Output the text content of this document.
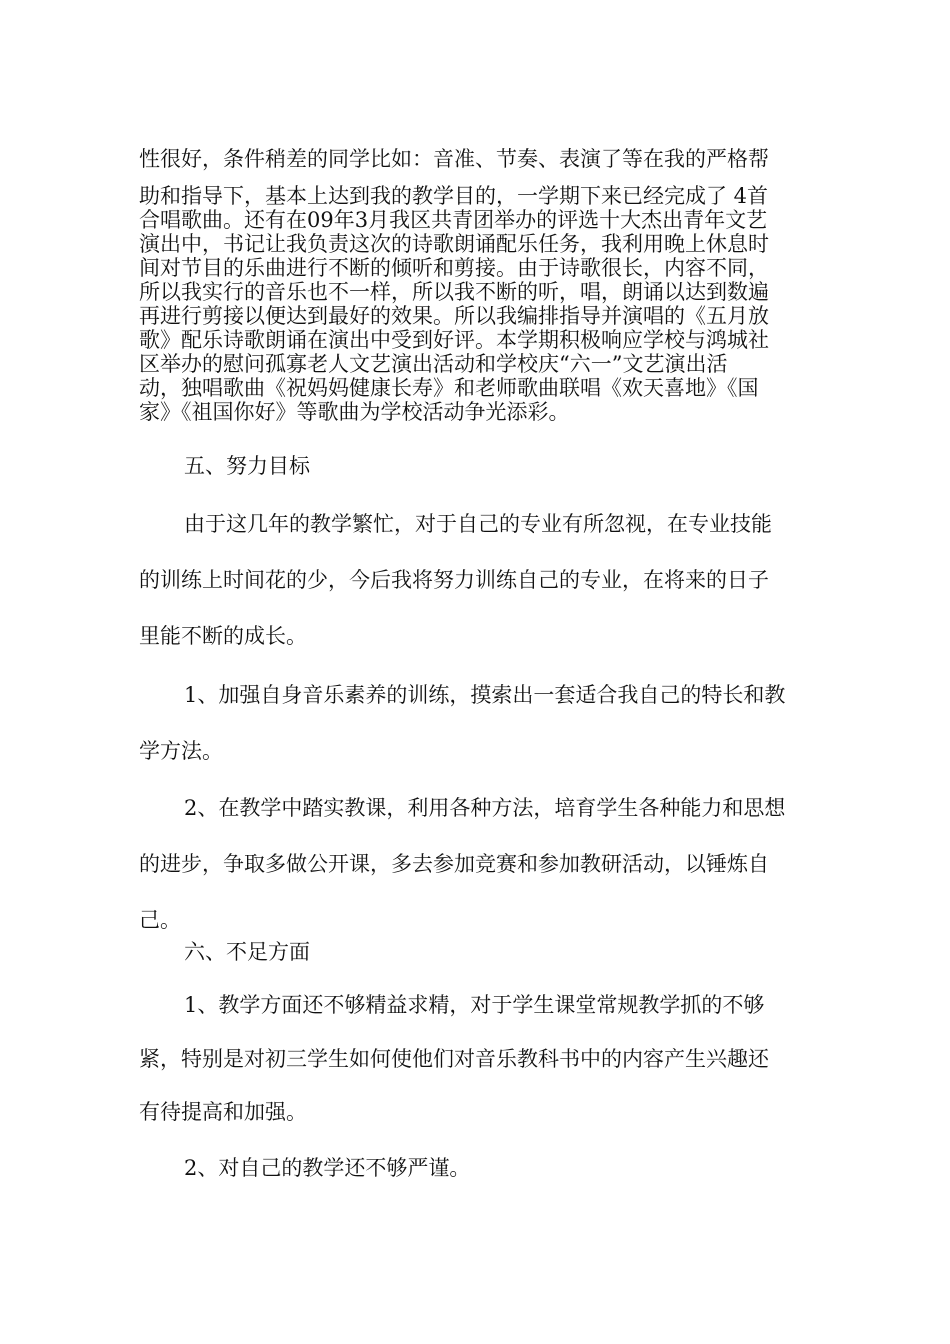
性很好，条件稍差的同学比如：音准、节奏、表演了等在我的严格帮

助和指导下，基本上达到我的教学目的，一学期下来已经完成了 4首

合唱歌曲。还有在09年3月我区共青团举办的评选十大杰出青年文艺

演出中，书记让我负责这次的诗歌朗诵配乐任务，我利用晚上休息时

间对节目的乐曲进行不断的倾听和剪接。由于诗歌很长，内容不同，

所以我实行的音乐也不一样，所以我不断的听，唱，朗诵以达到数遍

再进行剪接以便达到最好的效果。所以我编排指导并演唱的《五月放

歌》配乐诗歌朗诵在演出中受到好评。本学期积极响应学校与鸿城社

区举办的慰问孤寡老人文艺演出活动和学校庆“六一”文艺演出活

动，独唱歌曲《祝妈妈健康长寿》和老师歌曲联唱《欢天喜地》《国

家》《祖国你好》等歌曲为学校活动争光添彩。

五、努力目标

由于这几年的教学繁忙，对于自己的专业有所忽视，在专业技能

的训练上时间花的少，今后我将努力训练自己的专业，在将来的日子

里能不断的成长。

1、加强自身音乐素养的训练，摸索出一套适合我自己的特长和教

学方法。

2、在教学中踏实教课，利用各种方法，培育学生各种能力和思想

的进步，争取多做公开课，多去参加竞赛和参加教研活动，以锤炼自

己。

六、不足方面

1、教学方面还不够精益求精，对于学生课堂常规教学抓的不够

紧，特别是对初三学生如何使他们对音乐教科书中的内容产生兴趣还

有待提高和加强。

2、对自己的教学还不够严谨。
